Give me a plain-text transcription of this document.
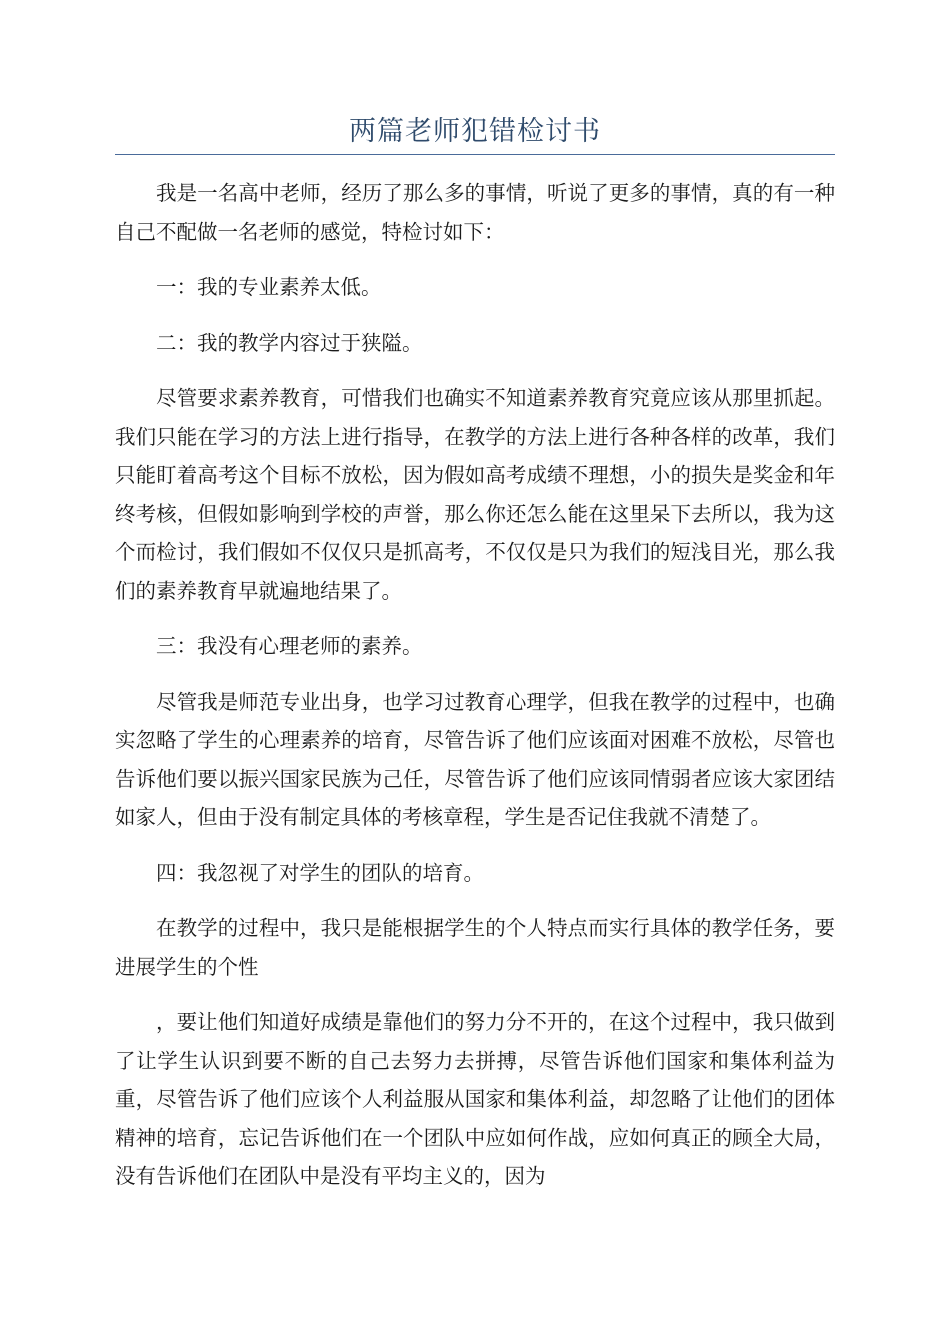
两篇老师犯错检讨书

我是一名高中老师，经历了那么多的事情，听说了更多的事情，真的有一种自己不配做一名老师的感觉，特检讨如下：

一：我的专业素养太低。

二：我的教学内容过于狭隘。

尽管要求素养教育，可惜我们也确实不知道素养教育究竟应该从那里抓起。我们只能在学习的方法上进行指导，在教学的方法上进行各种各样的改革，我们只能盯着高考这个目标不放松，因为假如高考成绩不理想，小的损失是奖金和年终考核，但假如影响到学校的声誉，那么你还怎么能在这里呆下去所以，我为这个而检讨，我们假如不仅仅只是抓高考，不仅仅是只为我们的短浅目光，那么我们的素养教育早就遍地结果了。

三：我没有心理老师的素养。

尽管我是师范专业出身，也学习过教育心理学，但我在教学的过程中，也确实忽略了学生的心理素养的培育，尽管告诉了他们应该面对困难不放松，尽管也告诉他们要以振兴国家民族为己任，尽管告诉了他们应该同情弱者应该大家团结如家人，但由于没有制定具体的考核章程，学生是否记住我就不清楚了。

四：我忽视了对学生的团队的培育。

在教学的过程中，我只是能根据学生的个人特点而实行具体的教学任务，要进展学生的个性

，要让他们知道好成绩是靠他们的努力分不开的，在这个过程中，我只做到了让学生认识到要不断的自己去努力去拼搏，尽管告诉他们国家和集体利益为重，尽管告诉了他们应该个人利益服从国家和集体利益，却忽略了让他们的团体精神的培育，忘记告诉他们在一个团队中应如何作战，应如何真正的顾全大局，没有告诉他们在团队中是没有平均主义的，因为
